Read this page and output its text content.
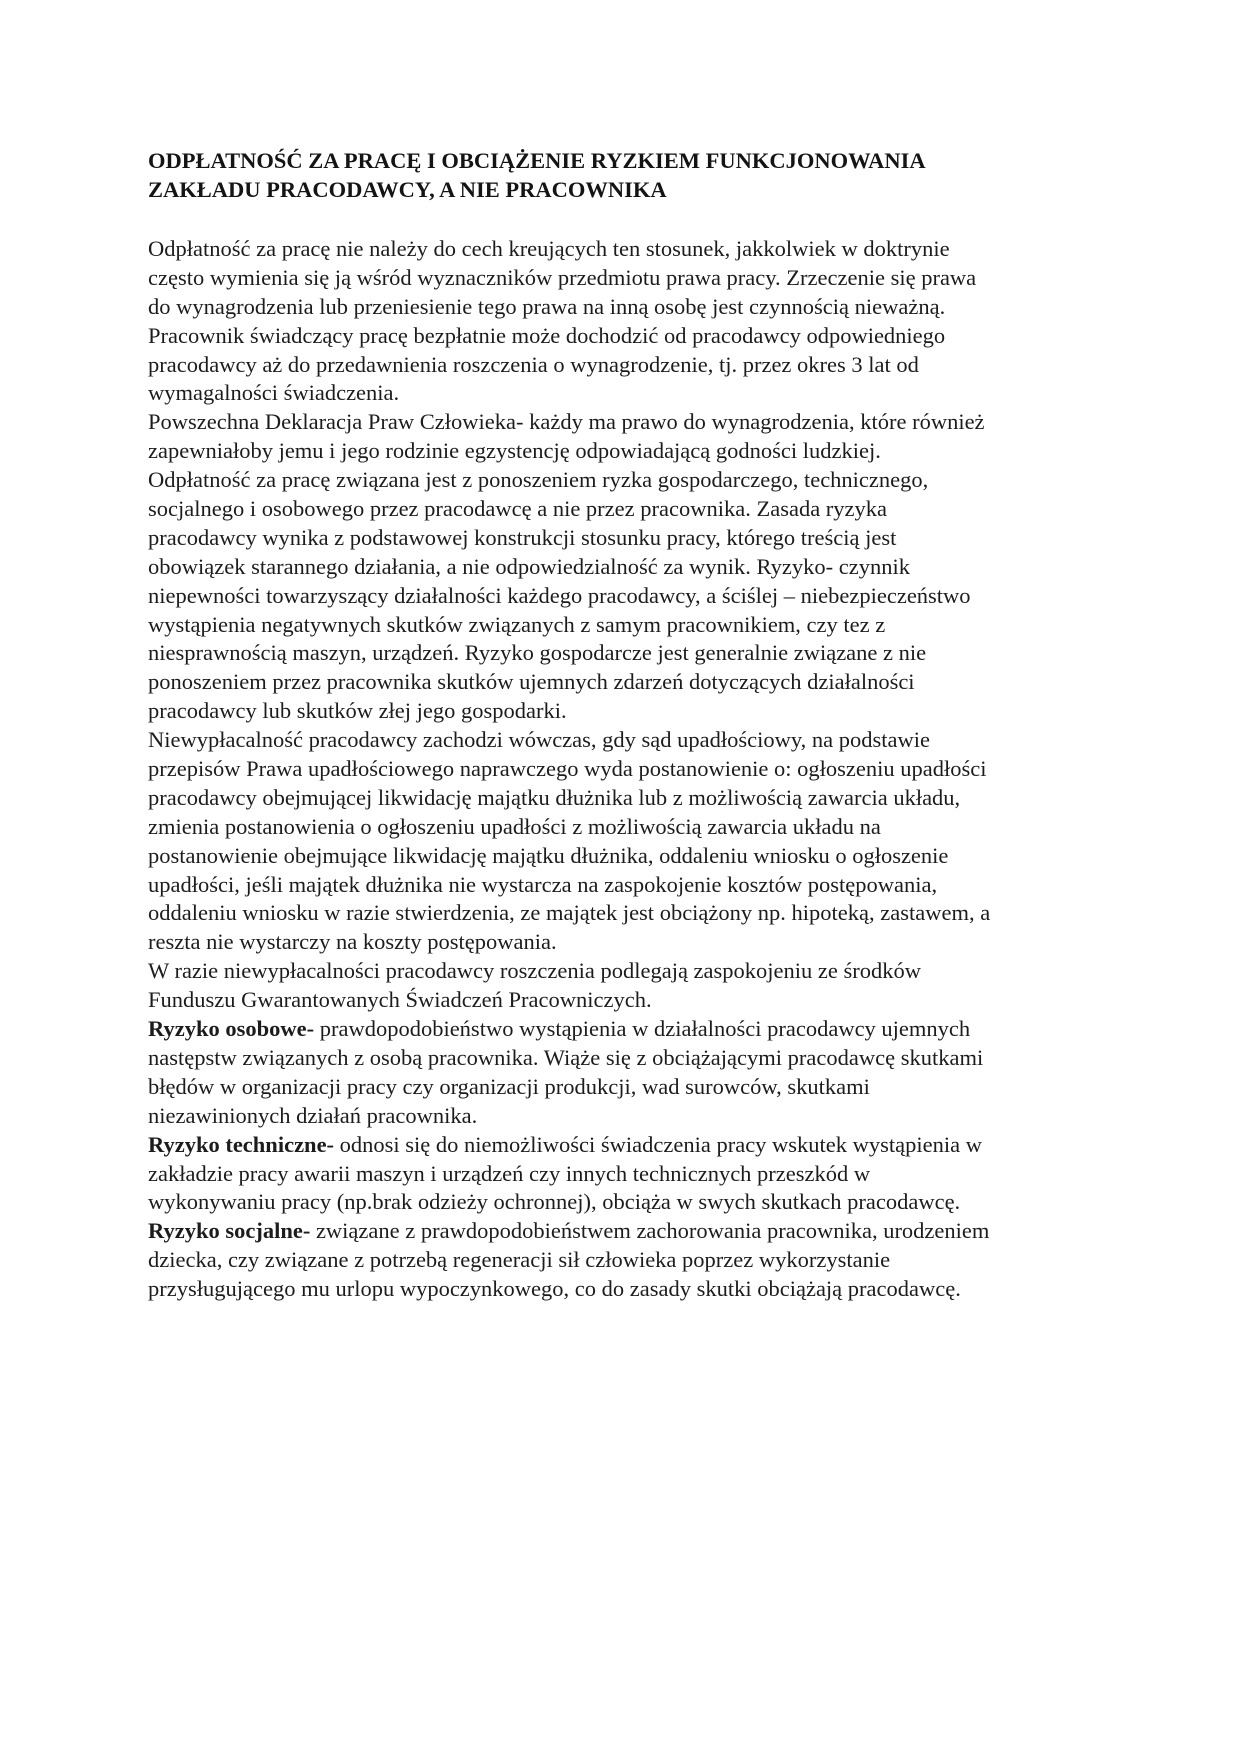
ODPŁATNOŚĆ ZA PRACĘ I OBCIĄŻENIE RYZKIEM FUNKCJONOWANIA
ZAKŁADU PRACODAWCY, A NIE PRACOWNIKA
Odpłatność za pracę nie należy do cech kreujących ten stosunek, jakkolwiek w doktrynie
często wymienia się ją wśród wyznaczników przedmiotu prawa pracy. Zrzeczenie się prawa
do wynagrodzenia lub przeniesienie tego prawa na inną osobę jest czynnością nieważną.
Pracownik świadczący pracę bezpłatnie może dochodzić od pracodawcy odpowiedniego
pracodawcy aż do przedawnienia roszczenia o wynagrodzenie, tj. przez okres 3 lat od
wymagalności świadczenia.
Powszechna Deklaracja Praw Człowieka- każdy ma prawo do wynagrodzenia, które również
zapewniałoby jemu i jego rodzinie egzystencję odpowiadającą godności ludzkiej.
Odpłatność za pracę związana jest z ponoszeniem ryzka gospodarczego, technicznego,
socjalnego i osobowego przez pracodawcę a nie przez pracownika. Zasada ryzyka
pracodawcy wynika z podstawowej konstrukcji stosunku pracy, którego treścią jest
obowiązek starannego działania, a nie odpowiedzialność za wynik. Ryzyko- czynnik
niepewności towarzyszący działalności każdego pracodawcy, a ściślej – niebezpieczeństwo
wystąpienia negatywnych skutków związanych z samym pracownikiem, czy tez z
niesprawnością maszyn, urządzeń. Ryzyko gospodarcze jest generalnie związane z nie
ponoszeniem przez pracownika skutków ujemnych zdarzeń dotyczących działalności
pracodawcy lub skutków złej jego gospodarki.
Niewypłacalność pracodawcy zachodzi wówczas, gdy sąd upadłościowy, na podstawie
przepisów Prawa upadłościowego naprawczego wyda postanowienie o: ogłoszeniu upadłości
pracodawcy obejmującej likwidację majątku dłużnika lub z możliwością zawarcia układu,
zmienia postanowienia o ogłoszeniu upadłości z możliwością zawarcia układu na
postanowienie obejmujące likwidację majątku dłużnika, oddaleniu wniosku o ogłoszenie
upadłości, jeśli majątek dłużnika nie wystarcza na zaspokojenie kosztów postępowania,
oddaleniu wniosku w razie stwierdzenia, ze majątek jest obciążony np. hipoteką, zastawem, a
reszta nie wystarczy na koszty postępowania.
W razie niewypłacalności pracodawcy roszczenia podlegają zaspokojeniu ze środków
Funduszu Gwarantowanych Świadczeń Pracowniczych.
Ryzyko osobowe- prawdopodobieństwo wystąpienia w działalności pracodawcy ujemnych
następstw związanych z osobą pracownika. Wiąże się z obciążającymi pracodawcę skutkami
błędów w organizacji pracy czy organizacji produkcji, wad surowców, skutkami
niezawinionych działań pracownika.
Ryzyko techniczne- odnosi się do niemożliwości świadczenia pracy wskutek wystąpienia w
zakładzie pracy awarii maszyn i urządzeń czy innych technicznych przeszkód w
wykonywaniu pracy (np.brak odzieży ochronnej), obciąża w swych skutkach pracodawcę.
Ryzyko socjalne- związane z prawdopodobieństwem zachorowania pracownika, urodzeniem
dziecka, czy związane z potrzebą regeneracji sił człowieka poprzez wykorzystanie
przysługującego mu urlopu wypoczynkowego, co do zasady skutki obciążają pracodawcę.
